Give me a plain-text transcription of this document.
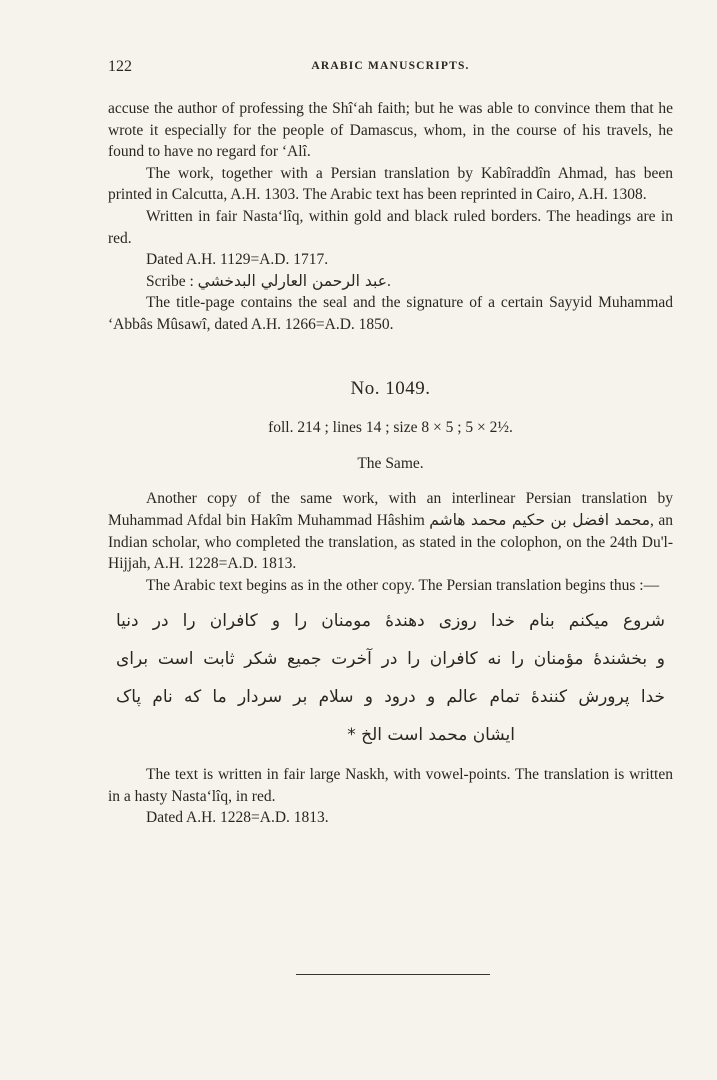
122	ARABIC MANUSCRIPTS.

accuse the author of professing the Shî‘ah faith; but he was able to convince them that he wrote it especially for the people of Damascus, whom, in the course of his travels, he found to have no regard for ‘Alî.

The work, together with a Persian translation by Kabîraddîn Ahmad, has been printed in Calcutta, A.H. 1303. The Arabic text has been reprinted in Cairo, A.H. 1308.

Written in fair Nasta‘lîq, within gold and black ruled borders. The headings are in red.

Dated A.H. 1129=A.D. 1717.

Scribe : عبد الرحمن العارلي البدخشي.

The title-page contains the seal and the signature of a certain Sayyid Muhammad ‘Abbâs Mûsawî, dated A.H. 1266=A.D. 1850.

No. 1049.

foll. 214 ; lines 14 ; size 8 × 5 ; 5 × 2½.

The Same.

Another copy of the same work, with an interlinear Persian translation by Muhammad Afdal bin Hakîm Muhammad Hâshim محمد افضل بن حکیم محمد هاشم, an Indian scholar, who completed the translation, as stated in the colophon, on the 24th Du'l-Hijjah, A.H. 1228=A.D. 1813.

The Arabic text begins as in the other copy. The Persian translation begins thus :—

شروع میکنم بنام خدا روزی دهندهٔ مومنان را و کافران را در دنیا
و بخشندهٔ مؤمنان را نه کافران را در آخرت جمیع شکر ثابت است برای
خدا پرورش کنندهٔ تمام عالم و درود و سلام بر سردار ما که نام پاک
ایشان محمد است الخ *

The text is written in fair large Naskh, with vowel-points. The translation is written in a hasty Nasta‘lîq, in red.

Dated A.H. 1228=A.D. 1813.
